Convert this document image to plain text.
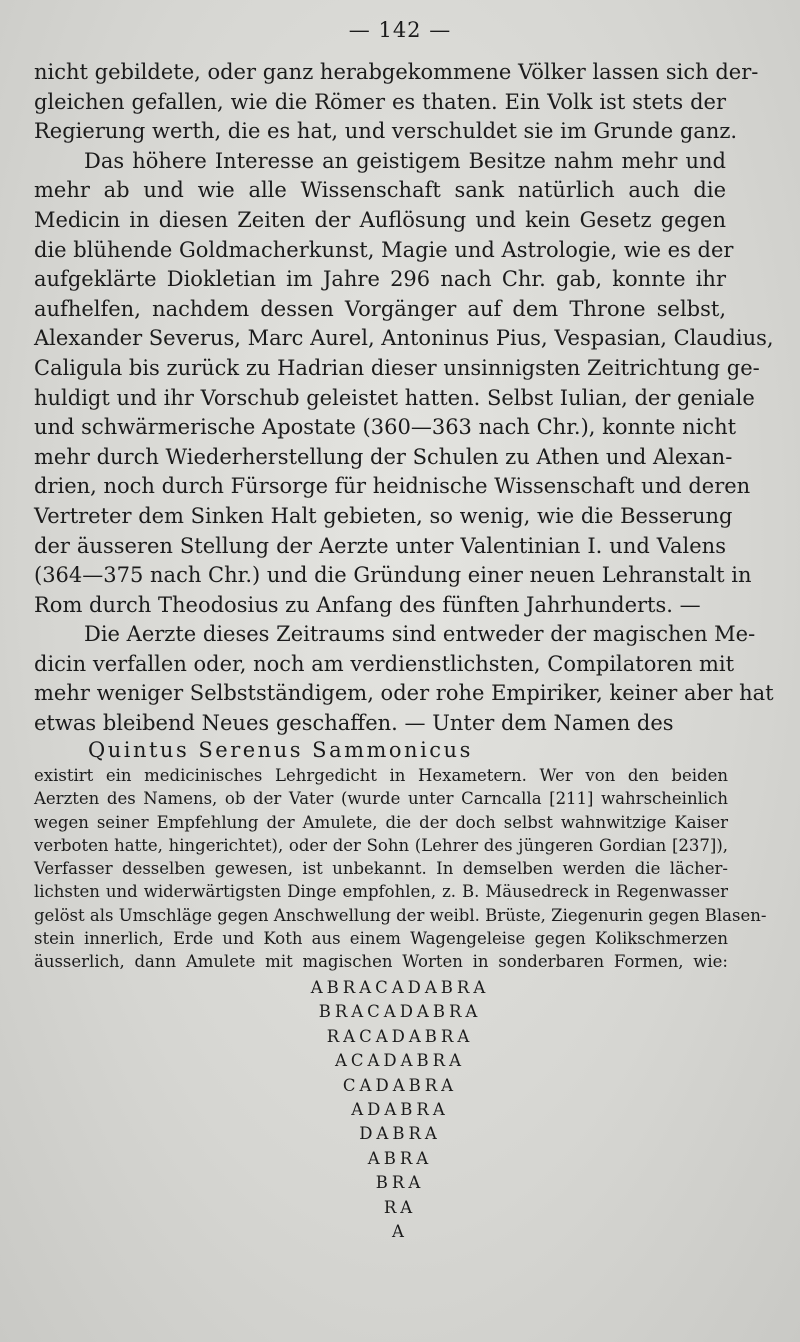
— 142 —
nicht gebildete, oder ganz herabgekommene Völker lassen sich der-
gleichen gefallen, wie die Römer es thaten. Ein Volk ist stets der
Regierung werth, die es hat, und verschuldet sie im Grunde ganz.
Das höhere Interesse an geistigem Besitze nahm mehr und
mehr ab und wie alle Wissenschaft sank natürlich auch die
Medicin in diesen Zeiten der Auflösung und kein Gesetz gegen
die blühende Goldmacherkunst, Magie und Astrologie, wie es der
aufgeklärte Diokletian im Jahre 296 nach Chr. gab, konnte ihr
aufhelfen, nachdem dessen Vorgänger auf dem Throne selbst,
Alexander Severus, Marc Aurel, Antoninus Pius, Vespasian, Claudius,
Caligula bis zurück zu Hadrian dieser unsinnigsten Zeitrichtung ge-
huldigt und ihr Vorschub geleistet hatten. Selbst Iulian, der geniale
und schwärmerische Apostate (360—363 nach Chr.), konnte nicht
mehr durch Wiederherstellung der Schulen zu Athen und Alexan-
drien, noch durch Fürsorge für heidnische Wissenschaft und deren
Vertreter dem Sinken Halt gebieten, so wenig, wie die Besserung
der äusseren Stellung der Aerzte unter Valentinian I. und Valens
(364—375 nach Chr.) und die Gründung einer neuen Lehranstalt in
Rom durch Theodosius zu Anfang des fünften Jahrhunderts. —
Die Aerzte dieses Zeitraums sind entweder der magischen Me-
dicin verfallen oder, noch am verdienstlichsten, Compilatoren mit
mehr weniger Selbstständigem, oder rohe Empiriker, keiner aber hat
etwas bleibend Neues geschaffen. — Unter dem Namen des
Quintus Serenus Sammonicus
existirt ein medicinisches Lehrgedicht in Hexametern. Wer von den beiden
Aerzten des Namens, ob der Vater (wurde unter Carncalla [211] wahrscheinlich
wegen seiner Empfehlung der Amulete, die der doch selbst wahnwitzige Kaiser
verboten hatte, hingerichtet), oder der Sohn (Lehrer des jüngeren Gordian [237]),
Verfasser desselben gewesen, ist unbekannt. In demselben werden die lächer-
lichsten und widerwärtigsten Dinge empfohlen, z. B. Mäusedreck in Regenwasser
gelöst als Umschläge gegen Anschwellung der weibl. Brüste, Ziegenurin gegen Blasen-
stein innerlich, Erde und Koth aus einem Wagengeleise gegen Kolikschmerzen
äusserlich, dann Amulete mit magischen Worten in sonderbaren Formen, wie:
ABRACADABRA
BRACADABRA
RACADABRA
ACADABRA
CADABRA
ADABRA
DABRA
ABRA
BRA
RA
A
